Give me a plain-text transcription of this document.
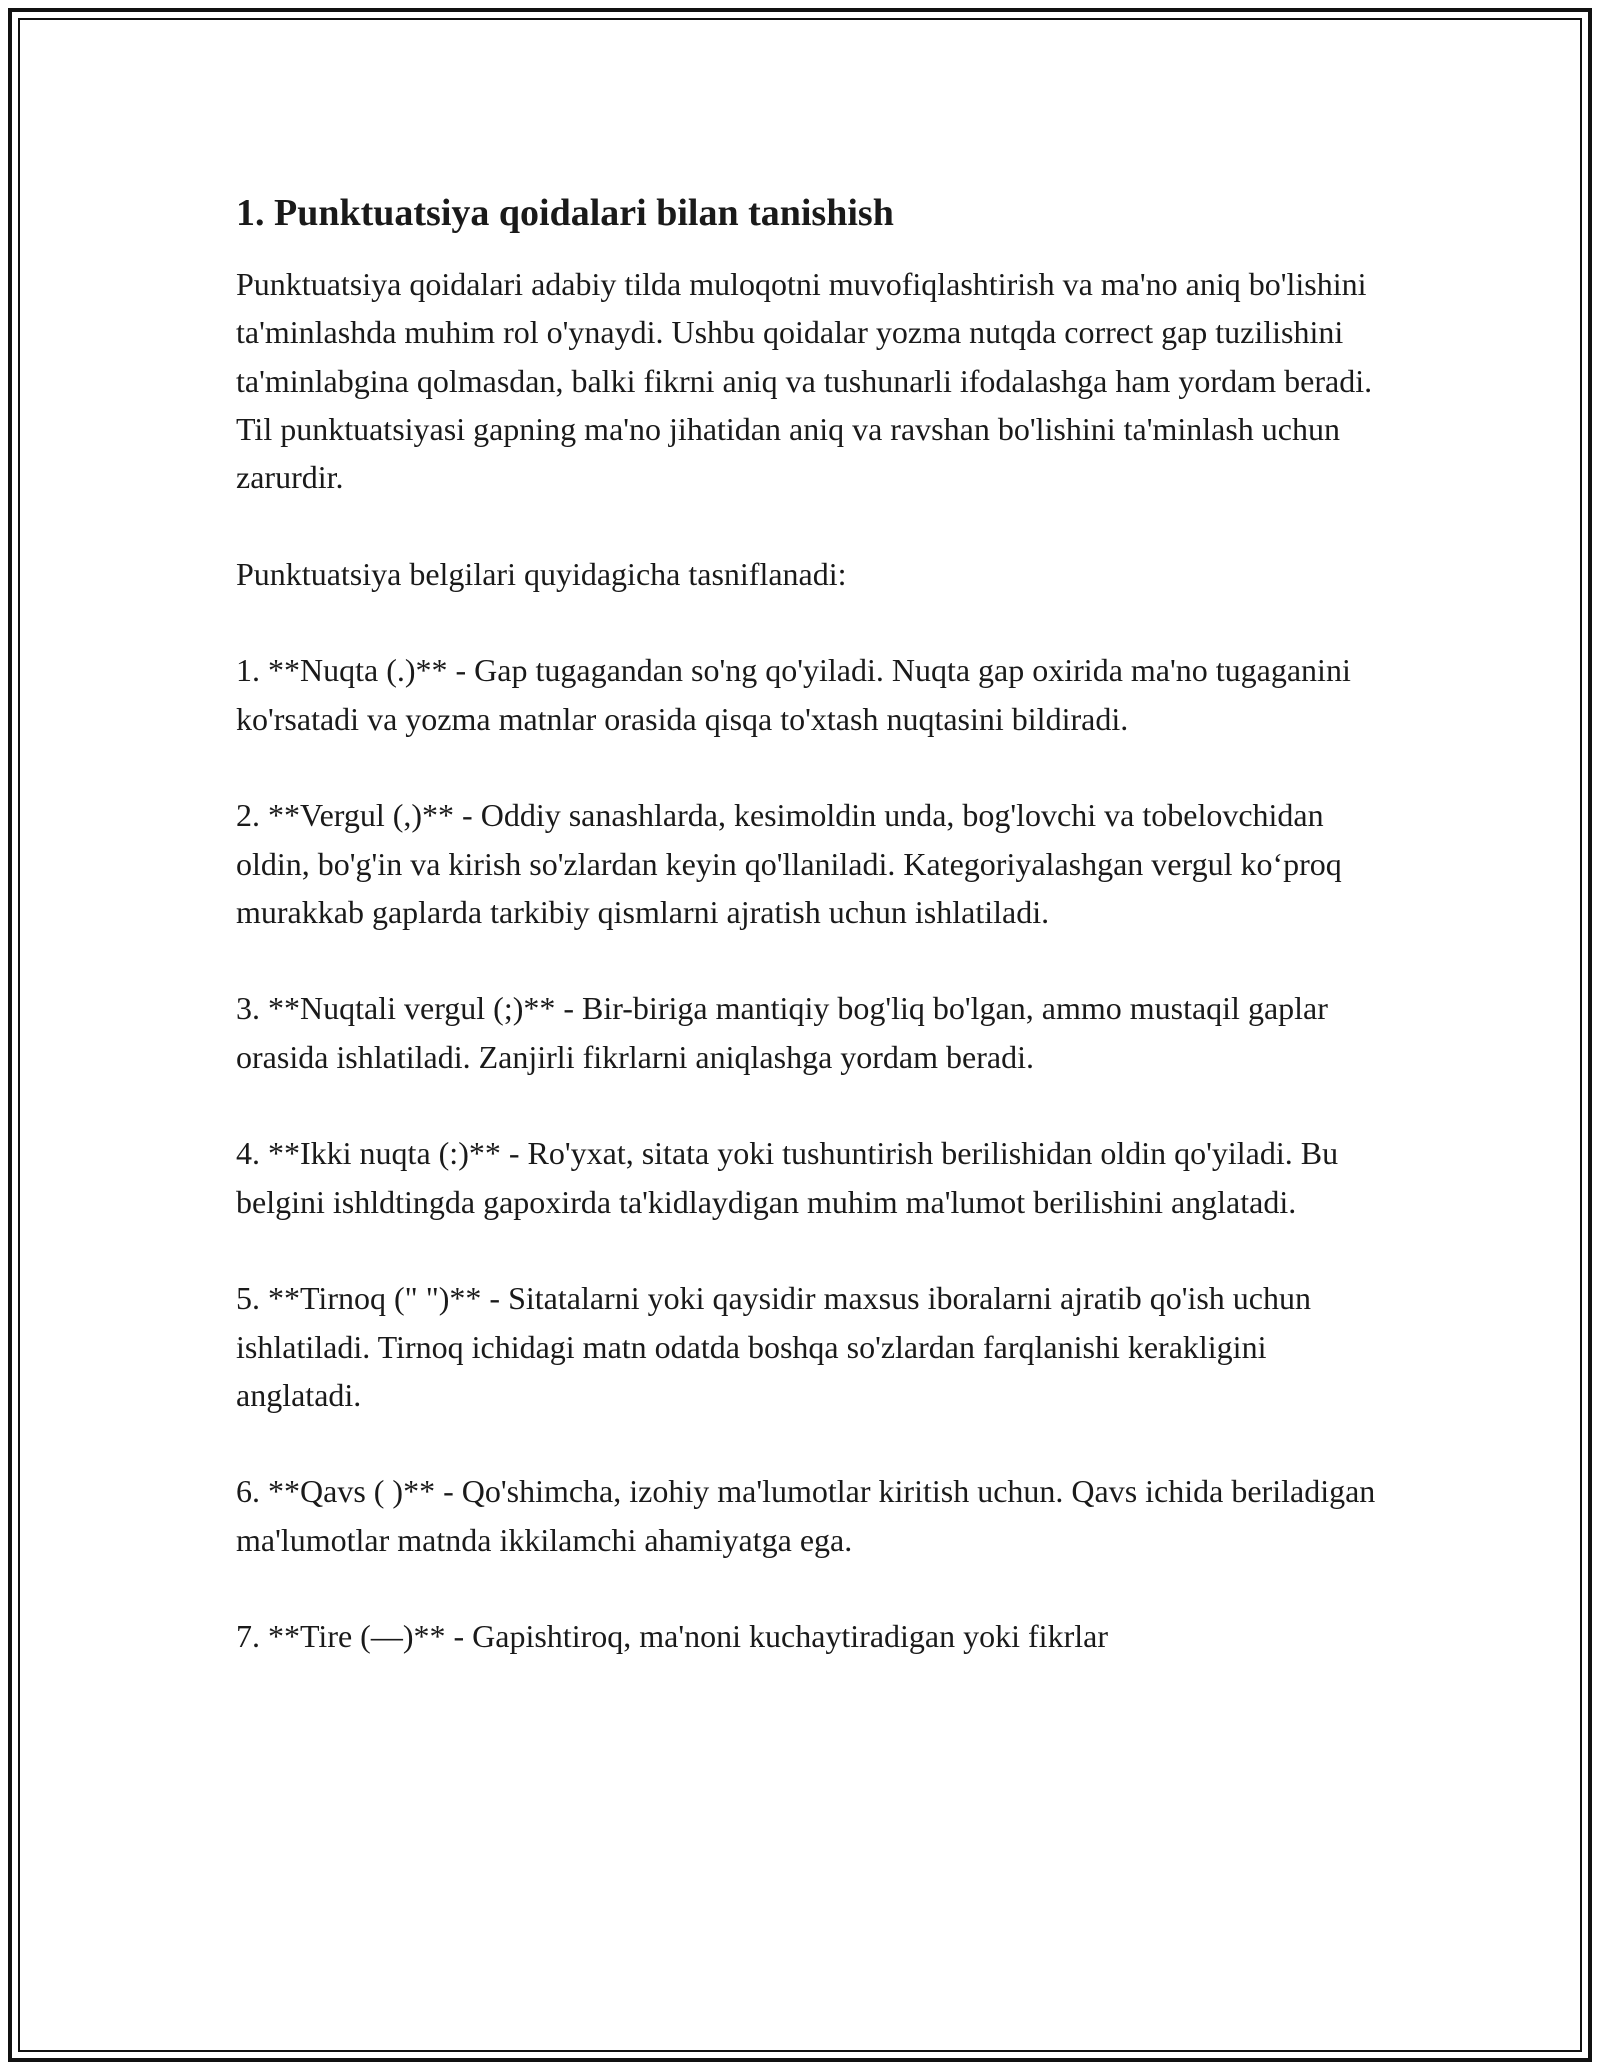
1. Punktuatsiya qoidalari bilan tanishish

Punktuatsiya qoidalari adabiy tilda muloqotni muvofiqlashtirish va ma'no aniq bo'lishini ta'minlashda muhim rol o'ynaydi. Ushbu qoidalar yozma nutqda correct gap tuzilishini ta'minlabgina qolmasdan, balki fikrni aniq va tushunarli ifodalashga ham yordam beradi. Til punktuatsiyasi gapning ma'no jihatidan aniq va ravshan bo'lishini ta'minlash uchun zarurdir.

Punktuatsiya belgilari quyidagicha tasniflanadi:

1. **Nuqta (.)** - Gap tugagandan so'ng qo'yiladi. Nuqta gap oxirida ma'no tugaganini ko'rsatadi va yozma matnlar orasida qisqa to'xtash nuqtasini bildiradi.

2. **Vergul (,)** - Oddiy sanashlarda, kesimoldin unda, bog'lovchi va tobelovchidan oldin, bo'g'in va kirish so'zlardan keyin qo'llaniladi. Kategoriyalashgan vergul ko‘proq murakkab gaplarda tarkibiy qismlarni ajratish uchun ishlatiladi.

3. **Nuqtali vergul (;)** - Bir-biriga mantiqiy bog'liq bo'lgan, ammo mustaqil gaplar orasida ishlatiladi. Zanjirli fikrlarni aniqlashga yordam beradi.

4. **Ikki nuqta (:)** - Ro'yxat, sitata yoki tushuntirish berilishidan oldin qo'yiladi. Bu belgini ishldtingda gapoxirda ta'kidlaydigan muhim ma'lumot berilishini anglatadi.

5. **Tirnoq (" ")** - Sitatalarni yoki qaysidir maxsus iboralarni ajratib qo'ish uchun ishlatiladi. Tirnoq ichidagi matn odatda boshqa so'zlardan farqlanishi kerakligini anglatadi.

6. **Qavs ( )** - Qo'shimcha, izohiy ma'lumotlar kiritish uchun. Qavs ichida beriladigan ma'lumotlar matnda ikkilamchi ahamiyatga ega.

7. **Tire (—)** - Gapishtiroq, ma'noni kuchaytiradigan yoki fikrlar
